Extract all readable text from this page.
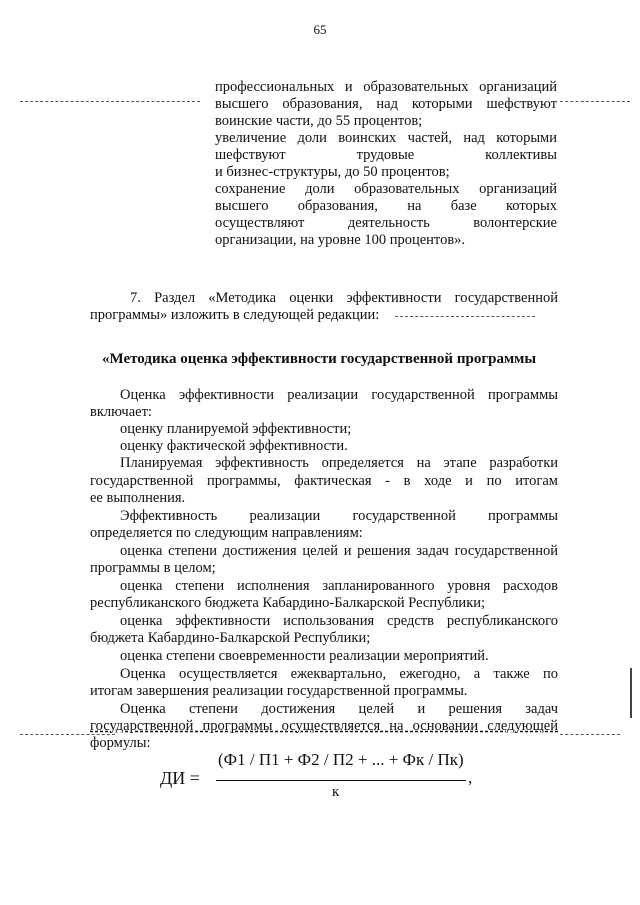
65
профессиональных и образовательных организаций
высшего образования, над которыми шефствуют
воинские части, до 55 процентов;
увеличение доли воинских частей, над которыми
шефствуют трудовые коллективы
и бизнес-структуры, до 50 процентов;
сохранение доли образовательных организаций
высшего образования, на базе которых
осуществляют деятельность волонтерские
организации, на уровне 100 процентов».
7. Раздел «Методика оценки эффективности государственной
программы» изложить в следующей редакции:
«Методика оценка эффективности государственной программы
Оценка эффективности реализации государственной программы
включает:
оценку планируемой эффективности;
оценку фактической эффективности.
Планируемая эффективность определяется на этапе разработки
государственной программы, фактическая - в ходе и по итогам
ее выполнения.
Эффективность реализации государственной программы
определяется по следующим направлениям:
оценка степени достижения целей и решения задач государственной
программы в целом;
оценка степени исполнения запланированного уровня расходов
республиканского бюджета Кабардино-Балкарской Республики;
оценка эффективности использования средств республиканского
бюджета Кабардино-Балкарской Республики;
оценка степени своевременности реализации мероприятий.
Оценка осуществляется ежеквартально, ежегодно, а также по
итогам завершения реализации государственной программы.
Оценка степени достижения целей и решения задач
государственной программы осуществляется на основании следующей
формулы:
ДИ =
(Ф1 / П1 + Ф2 / П2 + ... + Фк / Пк)
к
,
